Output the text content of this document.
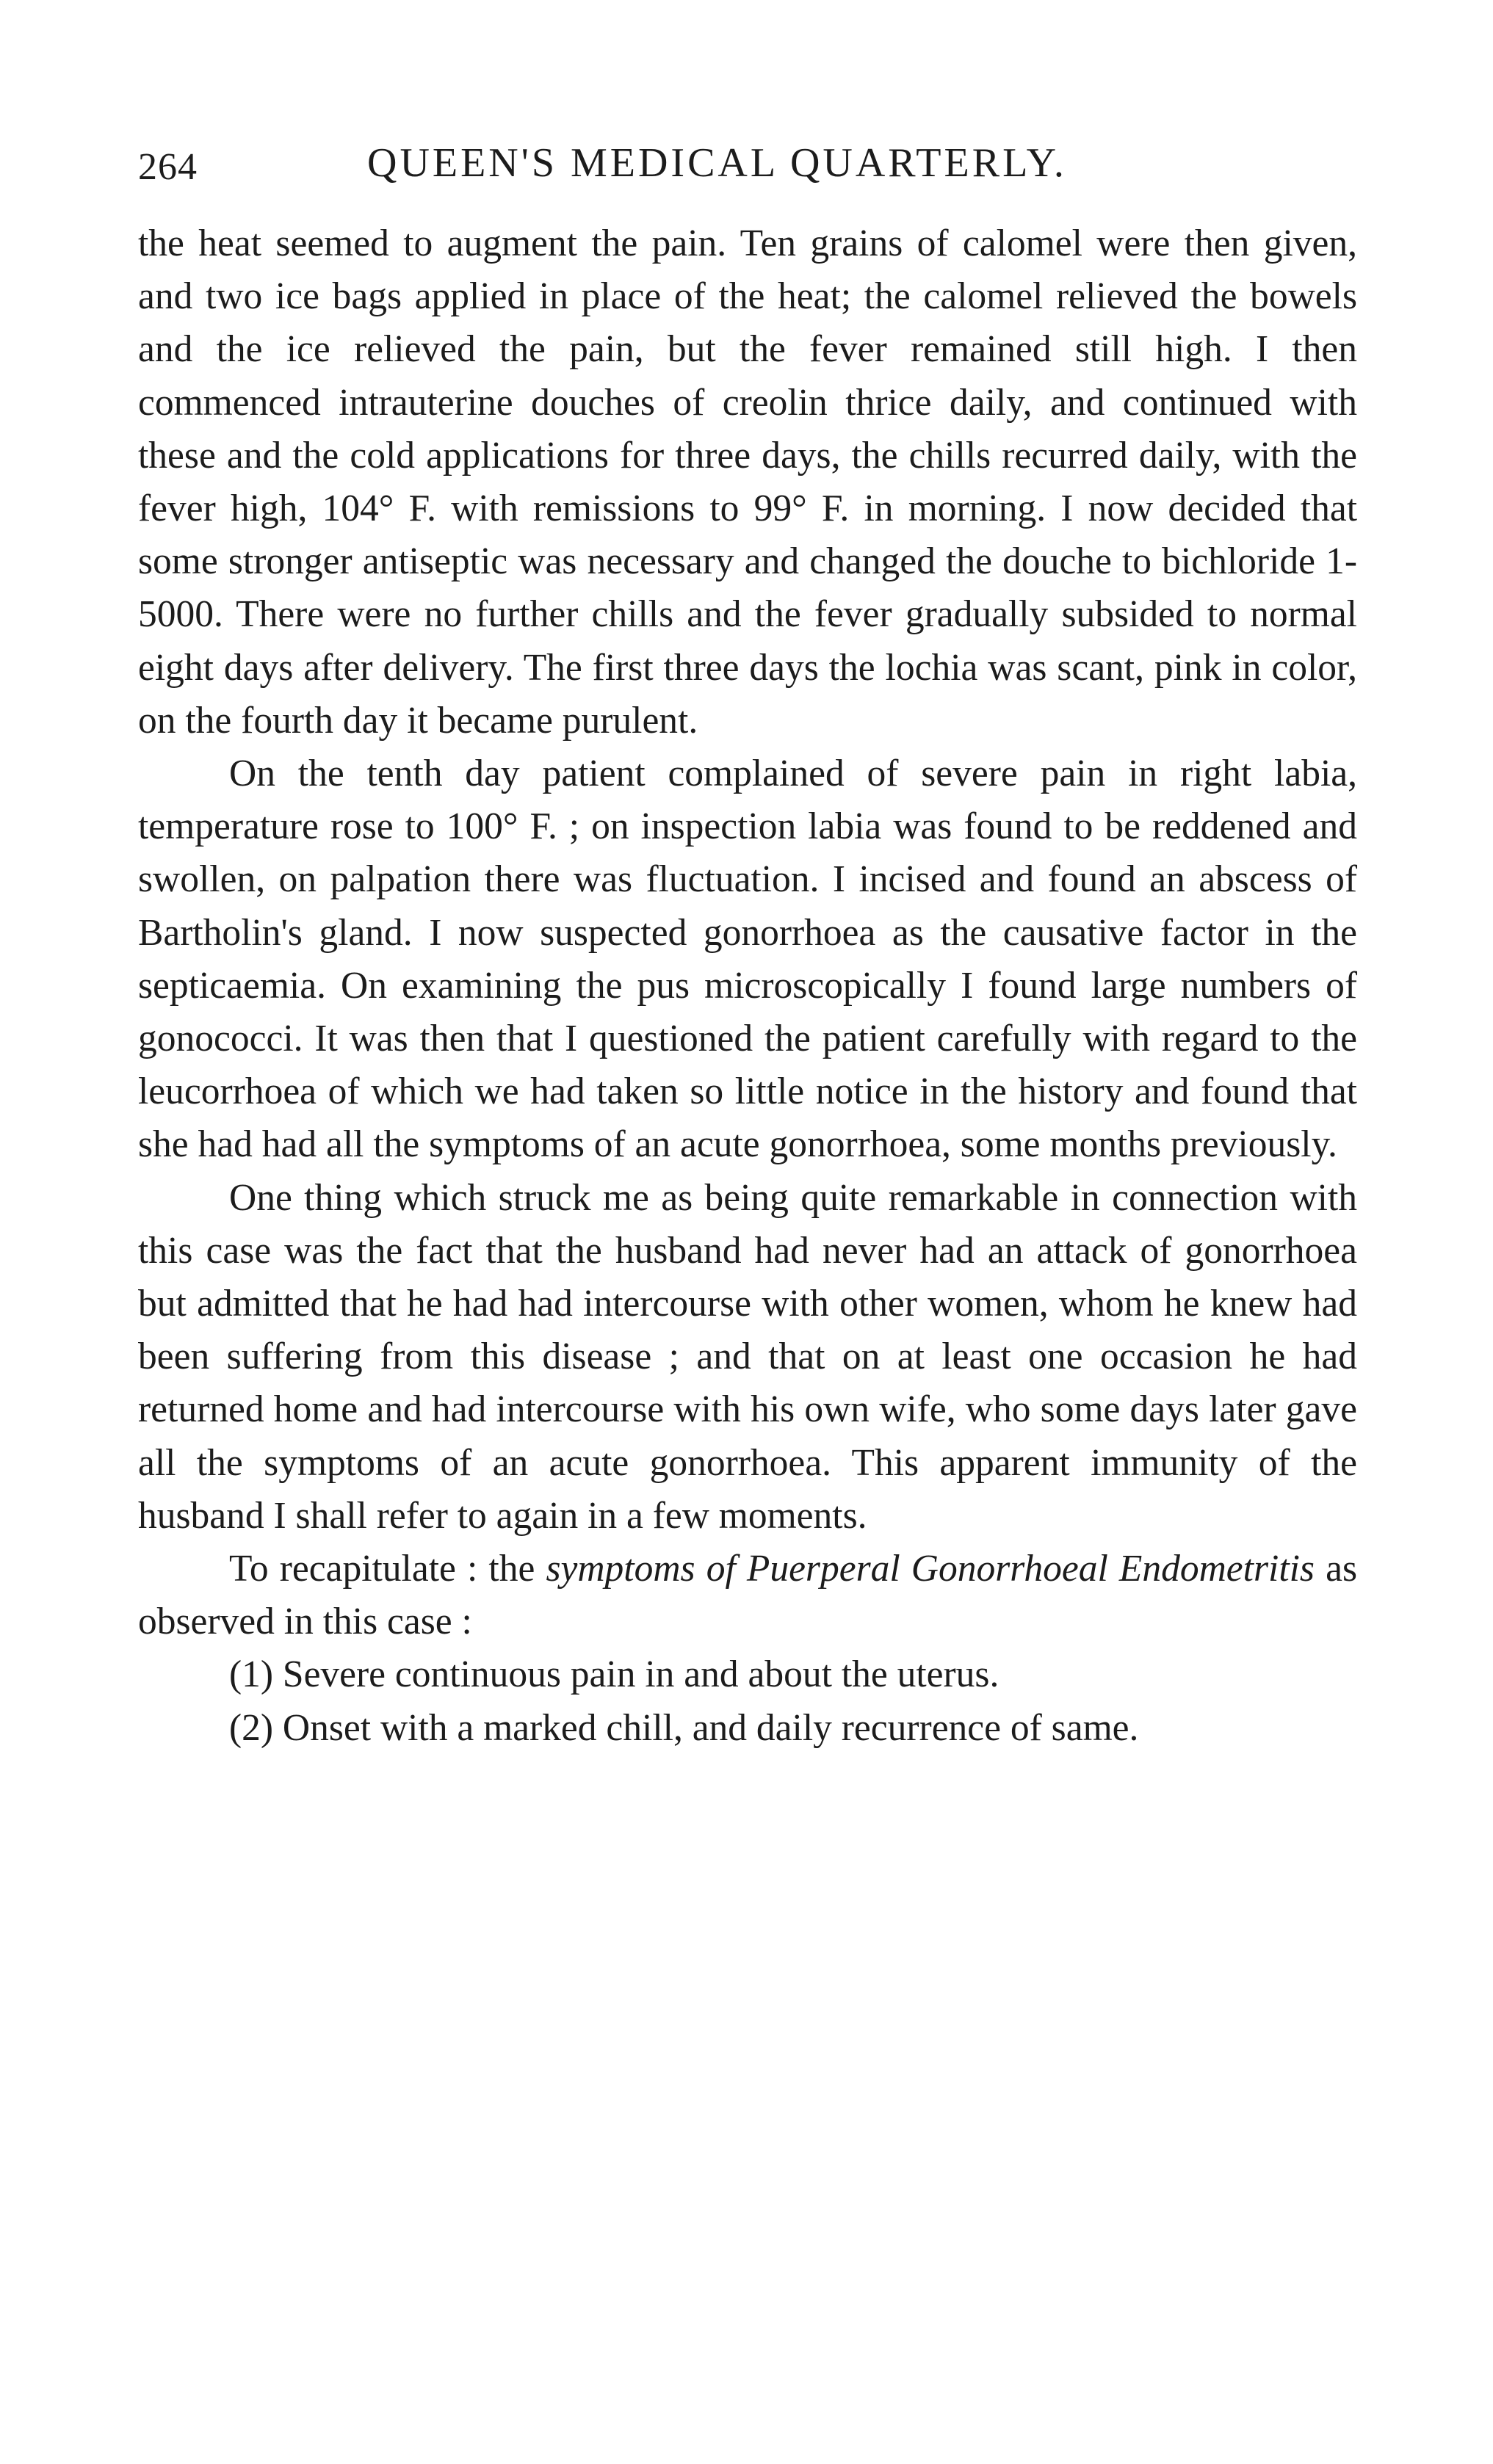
264	QUEEN'S MEDICAL QUARTERLY.

the heat seemed to augment the pain. Ten grains of calomel were then given, and two ice bags applied in place of the heat; the calomel relieved the bowels and the ice relieved the pain, but the fever remained still high. I then commenced intrauterine douches of creolin thrice daily, and continued with these and the cold applications for three days, the chills recurred daily, with the fever high, 104° F. with remissions to 99° F. in morning. I now decided that some stronger antiseptic was necessary and changed the douche to bichloride 1-5000. There were no further chills and the fever gradually subsided to normal eight days after delivery. The first three days the lochia was scant, pink in color, on the fourth day it became purulent.

On the tenth day patient complained of severe pain in right labia, temperature rose to 100° F. ; on inspection labia was found to be reddened and swollen, on palpation there was fluctuation. I incised and found an abscess of Bartholin's gland. I now suspected gonorrhoea as the causative factor in the septicaemia. On examining the pus microscopically I found large numbers of gonococci. It was then that I questioned the patient carefully with regard to the leucorrhoea of which we had taken so little notice in the history and found that she had had all the symptoms of an acute gonorrhoea, some months previously.

One thing which struck me as being quite remarkable in connection with this case was the fact that the husband had never had an attack of gonorrhoea but admitted that he had had intercourse with other women, whom he knew had been suffering from this disease ; and that on at least one occasion he had returned home and had intercourse with his own wife, who some days later gave all the symptoms of an acute gonorrhoea. This apparent immunity of the husband I shall refer to again in a few moments.

To recapitulate : the symptoms of Puerperal Gonorrhoeal Endometritis as observed in this case :

(1) Severe continuous pain in and about the uterus.

(2) Onset with a marked chill, and daily recurrence of same.
